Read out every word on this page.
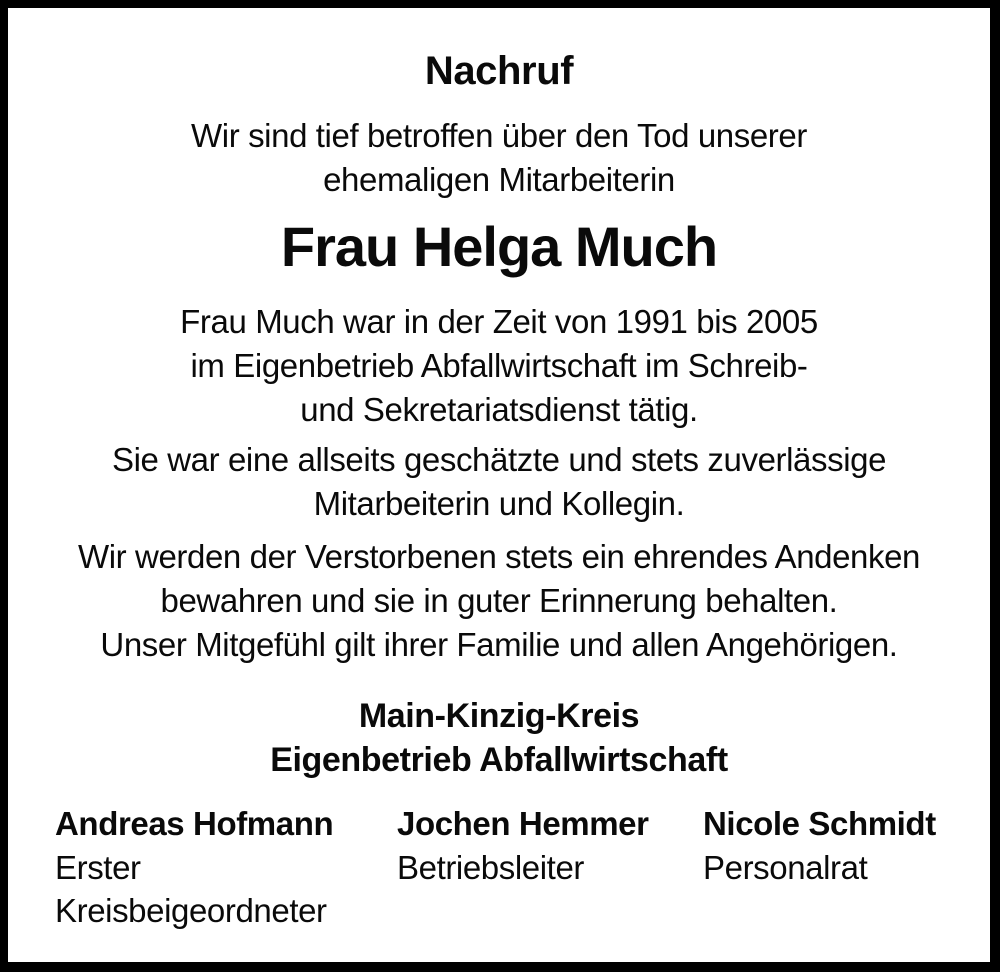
Nachruf

Wir sind tief betroffen über den Tod unserer
ehemaligen Mitarbeiterin

Frau Helga Much

Frau Much war in der Zeit von 1991 bis 2005
im Eigenbetrieb Abfallwirtschaft im Schreib-
und Sekretariatsdienst tätig.

Sie war eine allseits geschätzte und stets zuverlässige
Mitarbeiterin und Kollegin.

Wir werden der Verstorbenen stets ein ehrendes Andenken
bewahren und sie in guter Erinnerung behalten.
Unser Mitgefühl gilt ihrer Familie und allen Angehörigen.

Main-Kinzig-Kreis
Eigenbetrieb Abfallwirtschaft

Andreas Hofmann
Erster
Kreisbeigeordneter
Jochen Hemmer
Betriebsleiter
Nicole Schmidt
Personalrat
